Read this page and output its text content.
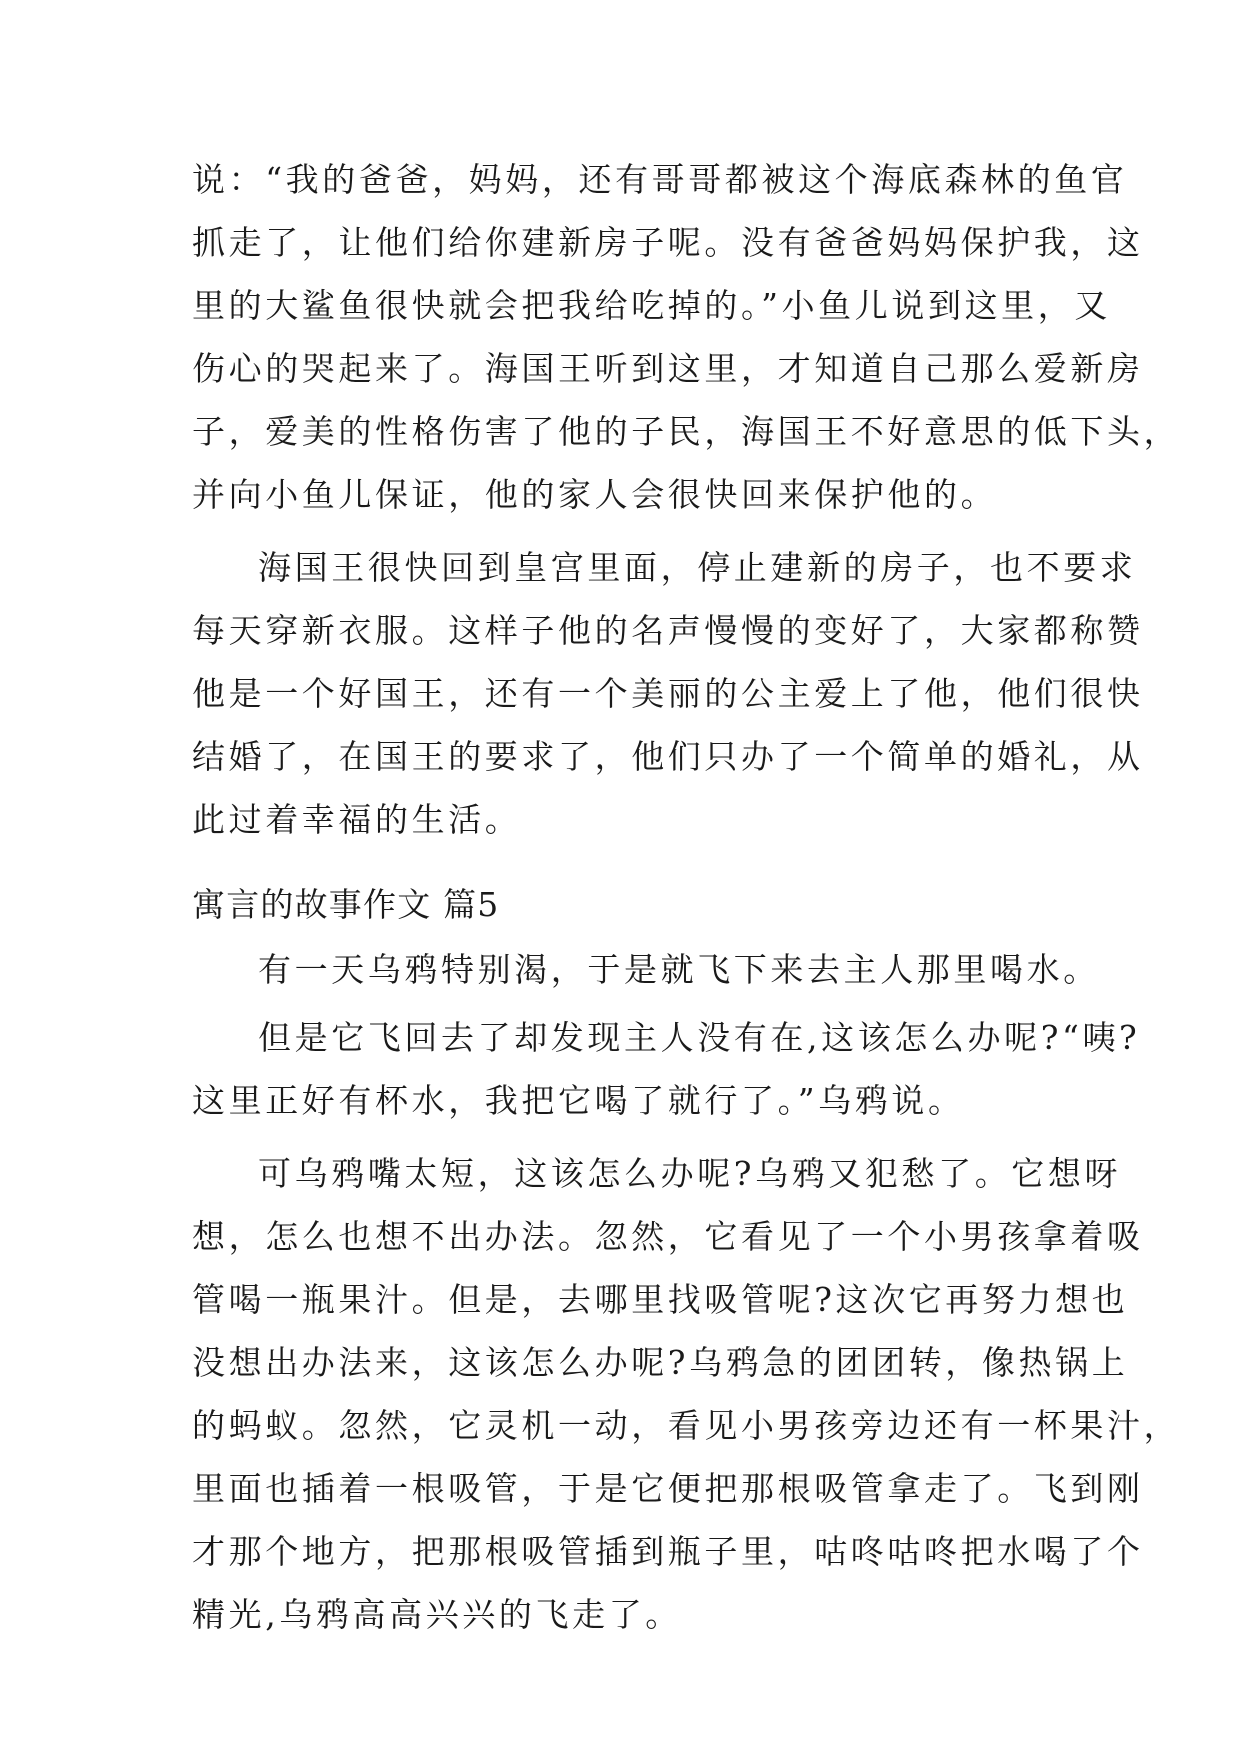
说：“我的爸爸，妈妈，还有哥哥都被这个海底森林的鱼官
抓走了，让他们给你建新房子呢。没有爸爸妈妈保护我，这
里的大鲨鱼很快就会把我给吃掉的。”小鱼儿说到这里，又
伤心的哭起来了。海国王听到这里，才知道自己那么爱新房
子，爱美的性格伤害了他的子民，海国王不好意思的低下头，
并向小鱼儿保证，他的家人会很快回来保护他的。
海国王很快回到皇宫里面，停止建新的房子，也不要求
每天穿新衣服。这样子他的名声慢慢的变好了，大家都称赞
他是一个好国王，还有一个美丽的公主爱上了他，他们很快
结婚了，在国王的要求了，他们只办了一个简单的婚礼，从
此过着幸福的生活。
寓言的故事作文 篇5
有一天乌鸦特别渴，于是就飞下来去主人那里喝水。
但是它飞回去了却发现主人没有在,这该怎么办呢?“咦?
这里正好有杯水，我把它喝了就行了。”乌鸦说。
可乌鸦嘴太短，这该怎么办呢?乌鸦又犯愁了。它想呀
想，怎么也想不出办法。忽然，它看见了一个小男孩拿着吸
管喝一瓶果汁。但是，去哪里找吸管呢?这次它再努力想也
没想出办法来，这该怎么办呢?乌鸦急的团团转，像热锅上
的蚂蚁。忽然，它灵机一动，看见小男孩旁边还有一杯果汁，
里面也插着一根吸管，于是它便把那根吸管拿走了。飞到刚
才那个地方，把那根吸管插到瓶子里，咕咚咕咚把水喝了个
精光,乌鸦高高兴兴的飞走了。
